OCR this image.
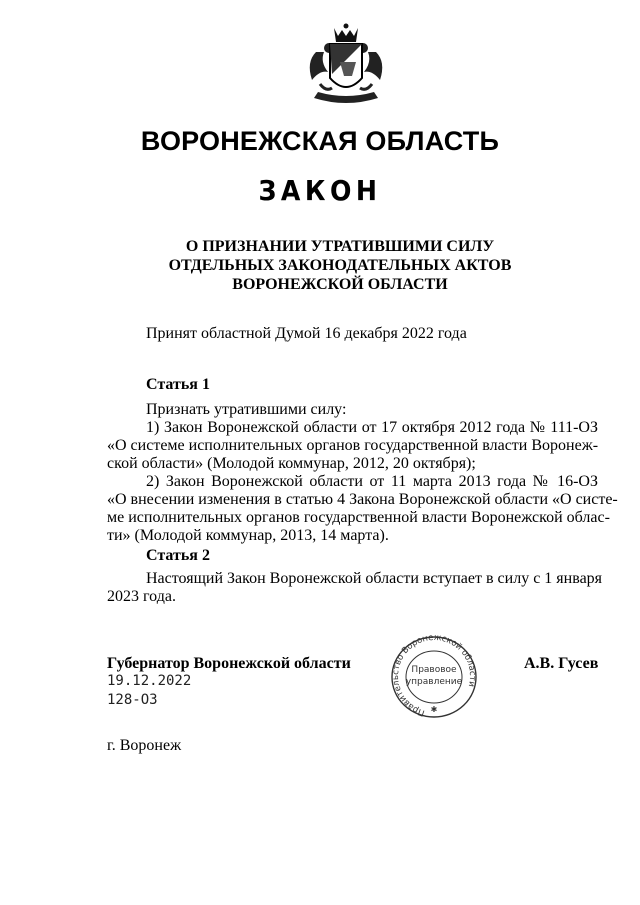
ВОРОНЕЖСКАЯ ОБЛАСТЬ
ЗАКОН
О ПРИЗНАНИИ УТРАТИВШИМИ СИЛУ
ОТДЕЛЬНЫХ ЗАКОНОДАТЕЛЬНЫХ АКТОВ
ВОРОНЕЖСКОЙ ОБЛАСТИ
Принят областной Думой 16 декабря 2022 года
Статья 1
Признать утратившими силу:
1) Закон Воронежской области от 17 октября 2012 года № 111-ОЗ
«О системе исполнительных органов государственной власти Воронеж-
ской области» (Молодой коммунар, 2012, 20 октября);
2) Закон Воронежской области от 11 марта 2013 года № 16-ОЗ
«О внесении изменения в статью 4 Закона Воронежской области «О систе-
ме исполнительных органов государственной власти Воронежской облас-
ти» (Молодой коммунар, 2013, 14 марта).
Статья 2
Настоящий Закон Воронежской области вступает в силу с 1 января
2023 года.
Правительство Воронежской области
Правовое
управление
✱
Губернатор Воронежской области	А.В. Гусев
19.12.2022
128-ОЗ
г. Воронеж
